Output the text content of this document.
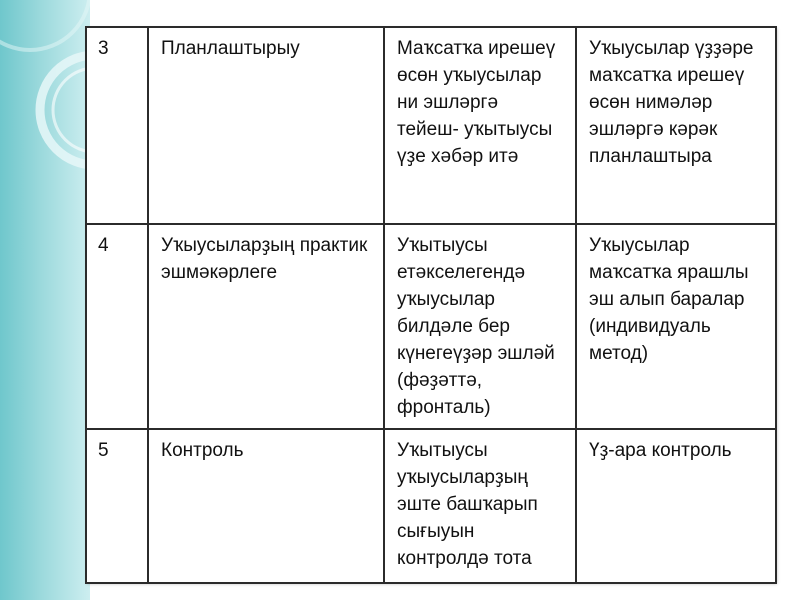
3	Планлаштырыу	Маҡсатҡа ирешеү өсөн уҡыусылар ни эшләргә тейеш- уҡытыусы үҙе хәбәр итә	Уҡыусылар үҙҙәре маҡсатҡа ирешеү өсөн нимәләр эшләргә кәрәк планлаштыра
4	Уҡыусыларҙың практик эшмәкәрлеге	Уҡытыусы етәкселегендә уҡыусылар билдәле бер күнегеүҙәр эшләй (фәҙəттə, фронталь)	Уҡыусылар маҡсатҡа ярашлы эш алып баралар (индивидуаль метод)
5	Контроль	Уҡытыусы уҡыусыларҙың эште башҡарып сығыуын контролдә тота	Үҙ-ара контроль
